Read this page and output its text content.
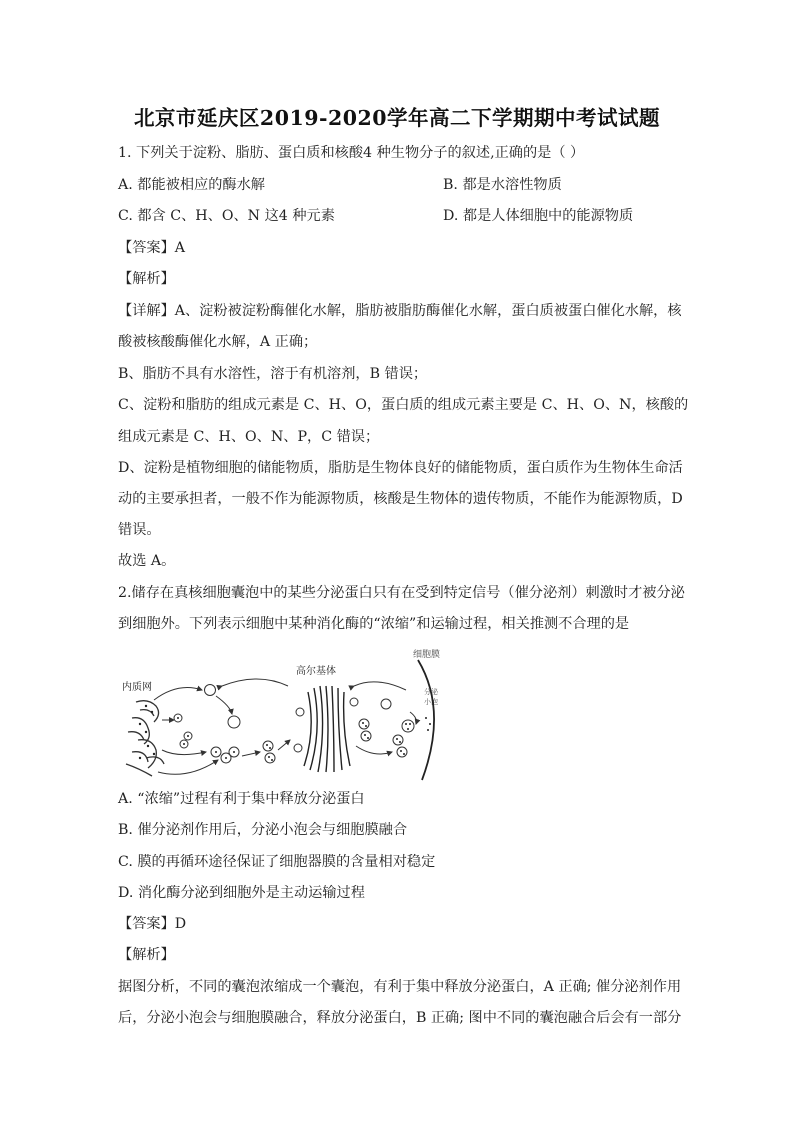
北京市延庆区2019-2020学年高二下学期期中考试试题
1. 下列关于淀粉、脂肪、蛋白质和核酸4 种生物分子的叙述,正确的是（ ）
A. 都能被相应的酶水解	B. 都是水溶性物质
C. 都含 C、H、O、N 这4 种元素	D. 都是人体细胞中的能源物质
【答案】A
【解析】
【详解】A、淀粉被淀粉酶催化水解，脂肪被脂肪酶催化水解，蛋白质被蛋白催化水解，核
酸被核酸酶催化水解，A 正确；
B、脂肪不具有水溶性，溶于有机溶剂，B 错误；
C、淀粉和脂肪的组成元素是 C、H、O，蛋白质的组成元素主要是 C、H、O、N，核酸的
组成元素是 C、H、O、N、P，C 错误；
D、淀粉是植物细胞的储能物质，脂肪是生物体良好的储能物质，蛋白质作为生物体生命活
动的主要承担者，一般不作为能源物质，核酸是生物体的遗传物质，不能作为能源物质，D
错误。
故选 A。
2.储存在真核细胞囊泡中的某些分泌蛋白只有在受到特定信号（催分泌剂）刺激时才被分泌
到细胞外。下列表示细胞中某种消化酶的“浓缩”和运输过程，相关推测不合理的是
内质网
高尔基体
细胞膜
分泌
小泡
A. “浓缩”过程有利于集中释放分泌蛋白
B. 催分泌剂作用后，分泌小泡会与细胞膜融合
C. 膜的再循环途径保证了细胞器膜的含量相对稳定
D. 消化酶分泌到细胞外是主动运输过程
【答案】D
【解析】
据图分析，不同的囊泡浓缩成一个囊泡，有利于集中释放分泌蛋白，A 正确; 催分泌剂作用
后，分泌小泡会与细胞膜融合，释放分泌蛋白，B 正确; 图中不同的囊泡融合后会有一部分
